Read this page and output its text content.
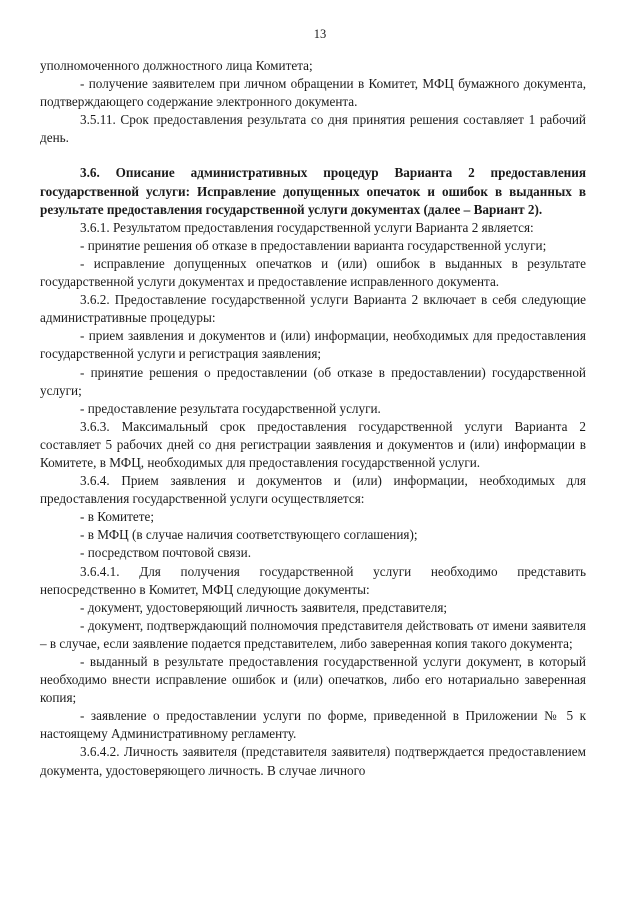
13

уполномоченного должностного лица Комитета;

- получение заявителем при личном обращении в Комитет, МФЦ бумажного документа, подтверждающего содержание электронного документа.

3.5.11. Срок предоставления результата со дня принятия решения составляет 1 рабочий день.

3.6. Описание административных процедур Варианта 2 предоставления государственной услуги: Исправление допущенных опечаток и ошибок в выданных в результате предоставления государственной услуги документах (далее – Вариант 2).

3.6.1. Результатом предоставления государственной услуги Варианта 2 является:

- принятие решения об отказе в предоставлении варианта государственной услуги;

- исправление допущенных опечатков и (или) ошибок в выданных в результате государственной услуги документах и предоставление исправленного документа.

3.6.2. Предоставление государственной услуги Варианта 2 включает в себя следующие административные процедуры:

- прием заявления и документов и (или) информации, необходимых для предоставления государственной услуги и регистрация заявления;

- принятие решения о предоставлении (об отказе в предоставлении) государственной услуги;

- предоставление результата государственной услуги.

3.6.3. Максимальный срок предоставления государственной услуги Варианта 2 составляет 5 рабочих дней со дня регистрации заявления и документов и (или) информации в Комитете, в МФЦ, необходимых для предоставления государственной услуги.

3.6.4. Прием заявления и документов и (или) информации, необходимых для предоставления государственной услуги осуществляется:

- в Комитете;

- в МФЦ (в случае наличия соответствующего соглашения);

- посредством почтовой связи.

3.6.4.1. Для получения государственной услуги необходимо представить непосредственно в Комитет, МФЦ следующие документы:

- документ, удостоверяющий личность заявителя, представителя;

- документ, подтверждающий полномочия представителя действовать от имени заявителя – в случае, если заявление подается представителем, либо заверенная копия такого документа;

- выданный в результате предоставления государственной услуги документ, в который необходимо внести исправление ошибок и (или) опечатков, либо его нотариально заверенная копия;

- заявление о предоставлении услуги по форме, приведенной в Приложении № 5 к настоящему Административному регламенту.

3.6.4.2. Личность заявителя (представителя заявителя) подтверждается предоставлением документа, удостоверяющего личность. В случае личного
